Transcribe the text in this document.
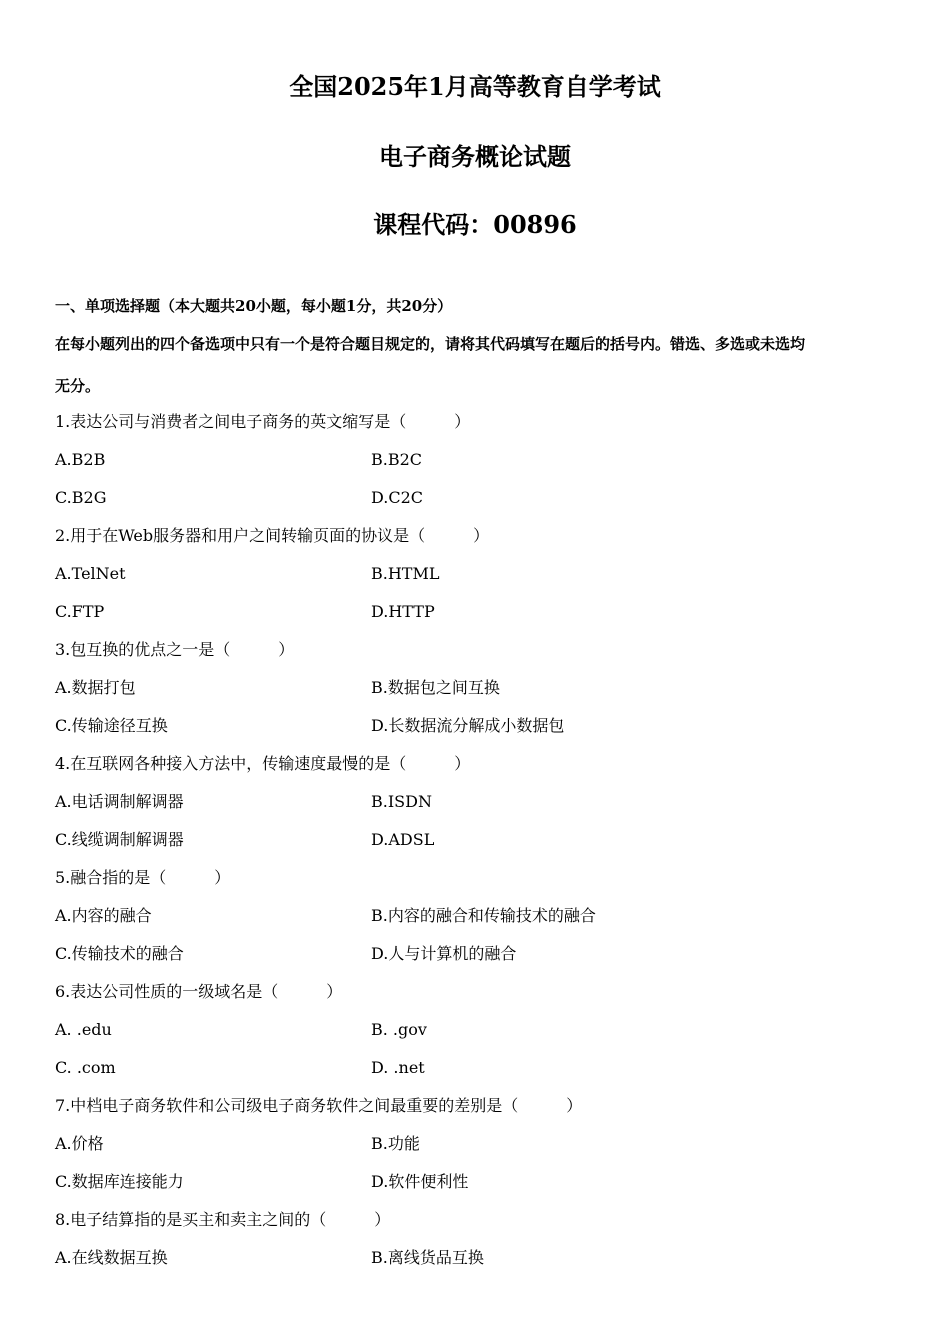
全国2025年1月高等教育自学考试
电子商务概论试题
课程代码：00896
一、单项选择题（本大题共20小题，每小题1分，共20分）
在每小题列出的四个备选项中只有一个是符合题目规定的，请将其代码填写在题后的括号内。错选、多选或未选均
无分。
1.表达公司与消费者之间电子商务的英文缩写是（　　　）
A.B2B	B.B2C
C.B2G	D.C2C
2.用于在Web服务器和用户之间转输页面的协议是（　　　）
A.TelNet	B.HTML
C.FTP	D.HTTP
3.包互换的优点之一是（　　　）
A.数据打包	B.数据包之间互换
C.传输途径互换	D.长数据流分解成小数据包
4.在互联网各种接入方法中，传输速度最慢的是（　　　）
A.电话调制解调器	B.ISDN
C.线缆调制解调器	D.ADSL
5.融合指的是（　　　）
A.内容的融合	B.内容的融合和传输技术的融合
C.传输技术的融合	D.人与计算机的融合
6.表达公司性质的一级域名是（　　　）
A. .edu	B. .gov
C. .com	D. .net
7.中档电子商务软件和公司级电子商务软件之间最重要的差别是（　　　）
A.价格	B.功能
C.数据库连接能力	D.软件便利性
8.电子结算指的是买主和卖主之间的（　　　）
A.在线数据互换	B.离线货品互换
